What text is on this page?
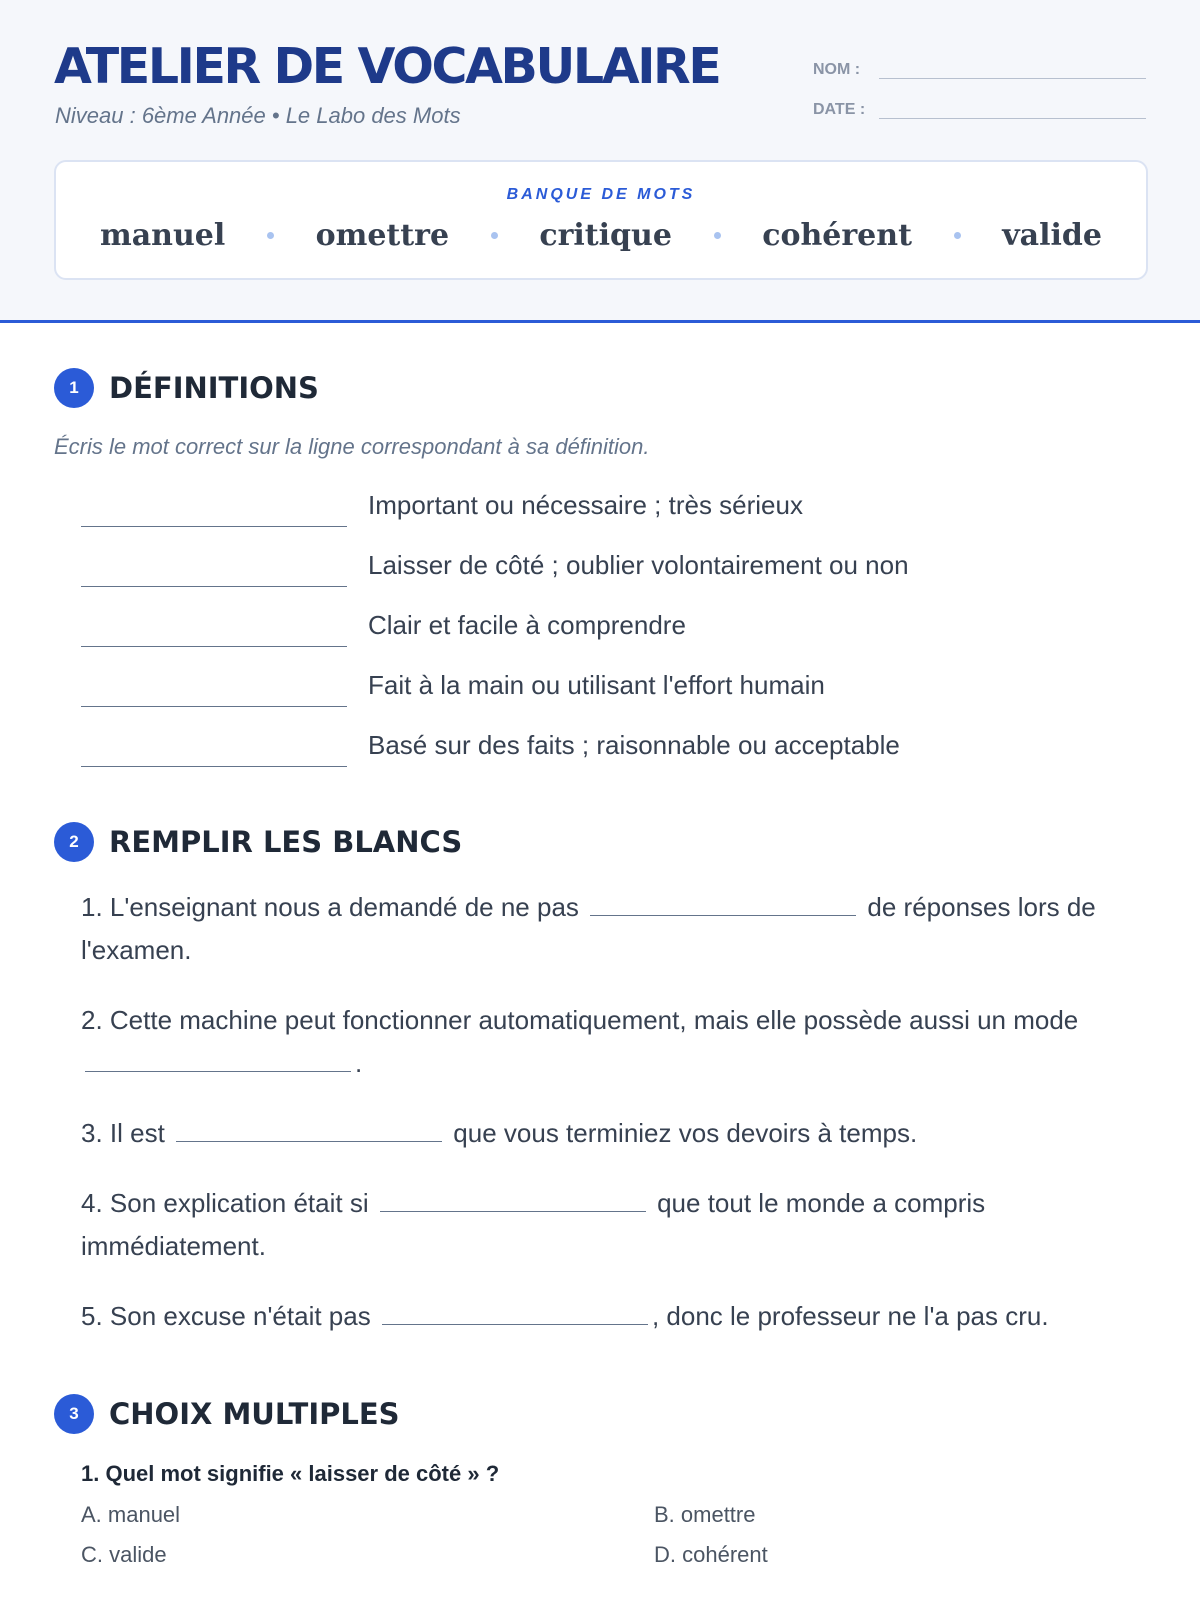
ATELIER DE VOCABULAIRE
Niveau : 6ème Année • Le Labo des Mots
NOM :
DATE :
BANQUE DE MOTS
manuel	omettre	critique	cohérent	valide
1	DÉFINITIONS
Écris le mot correct sur la ligne correspondant à sa définition.
Important ou nécessaire ; très sérieux
Laisser de côté ; oublier volontairement ou non
Clair et facile à comprendre
Fait à la main ou utilisant l'effort humain
Basé sur des faits ; raisonnable ou acceptable
2	REMPLIR LES BLANCS
1. L'enseignant nous a demandé de ne pas	de réponses lors de l'examen.
2. Cette machine peut fonctionner automatiquement, mais elle possède aussi un mode .
3. Il est	que vous terminiez vos devoirs à temps.
4. Son explication était si	que tout le monde a compris immédiatement.
5. Son excuse n'était pas	, donc le professeur ne l'a pas cru.
3	CHOIX MULTIPLES
1. Quel mot signifie « laisser de côté » ?
A. manuel	B. omettre
C. valide	D. cohérent
